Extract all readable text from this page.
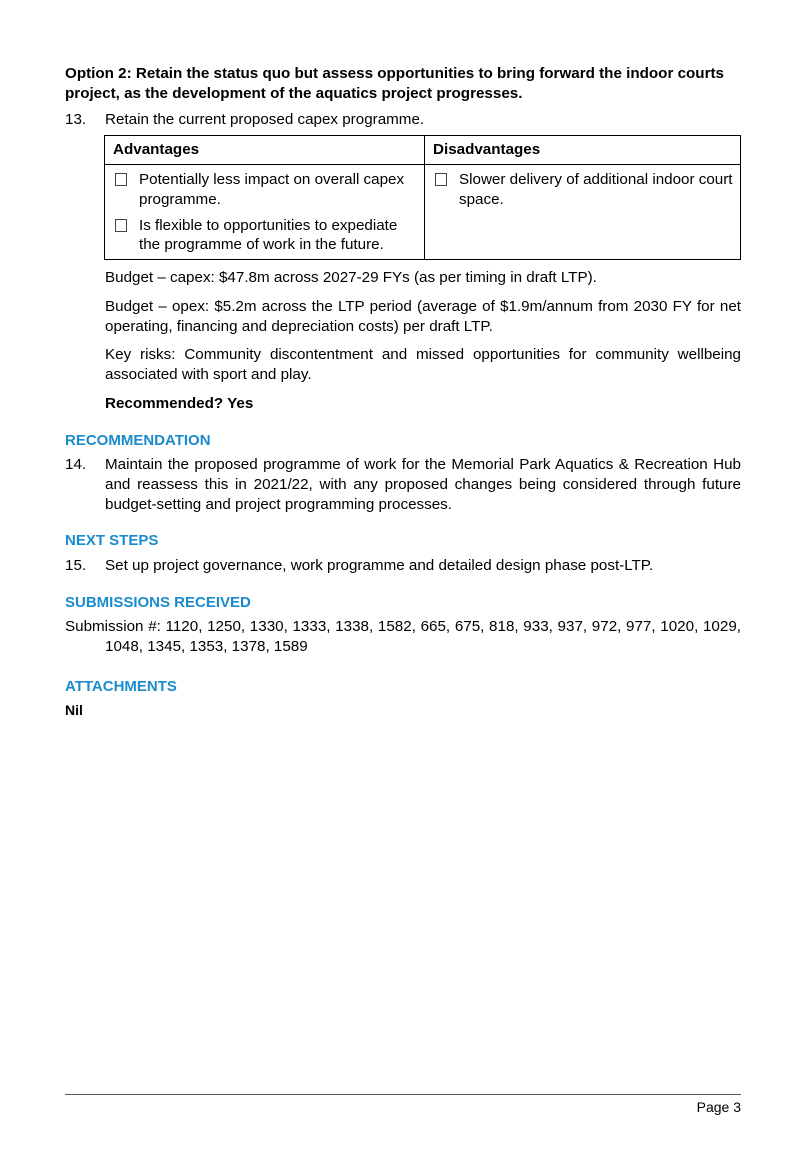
Option 2: Retain the status quo but assess opportunities to bring forward the indoor courts project, as the development of the aquatics project progresses.

13.	Retain the current proposed capex programme.
Advantages	Disadvantages

Potentially less impact on overall capex programme.
Is flexible to opportunities to expediate the programme of work in the future.	Slower delivery of additional indoor court space.

Budget – capex: $47.8m across 2027-29 FYs (as per timing in draft LTP).

Budget – opex: $5.2m across the LTP period (average of $1.9m/annum from 2030 FY for net operating, financing and depreciation costs) per draft LTP.

Key risks: Community discontentment and missed opportunities for community wellbeing associated with sport and play.

Recommended? Yes

RECOMMENDATION
14.	Maintain the proposed programme of work for the Memorial Park Aquatics & Recreation Hub and reassess this in 2021/22, with any proposed changes being considered through future budget-setting and project programming processes.
NEXT STEPS
15.	Set up project governance, work programme and detailed design phase post-LTP.
SUBMISSIONS RECEIVED

Submission #: 1120, 1250, 1330, 1333, 1338, 1582, 665, 675, 818, 933, 937, 972, 977, 1020, 1029, 1048, 1345, 1353, 1378, 1589

ATTACHMENTS

Nil

Page 3
